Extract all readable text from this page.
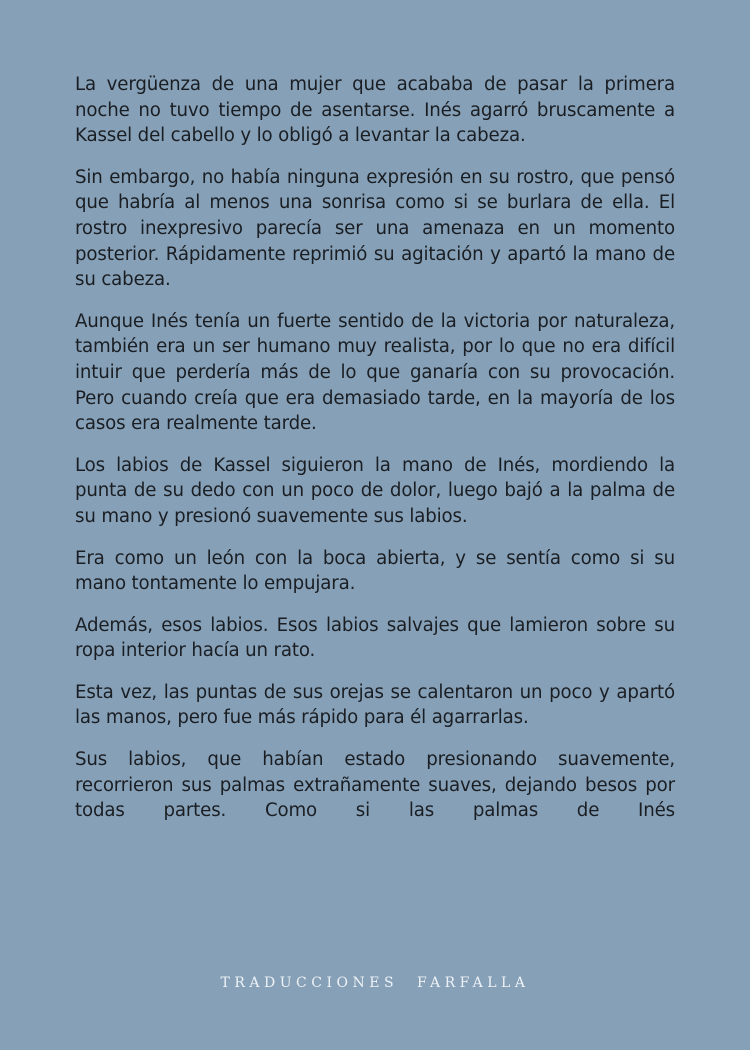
La vergüenza de una mujer que acababa de pasar la primera noche no tuvo tiempo de asentarse. Inés agarró bruscamente a Kassel del cabello y lo obligó a levantar la cabeza.

Sin embargo, no había ninguna expresión en su rostro, que pensó que habría al menos una sonrisa como si se burlara de ella. El rostro inexpresivo parecía ser una amenaza en un momento posterior. Rápidamente reprimió su agitación y apartó la mano de su cabeza.

Aunque Inés tenía un fuerte sentido de la victoria por naturaleza, también era un ser humano muy realista, por lo que no era difícil intuir que perdería más de lo que ganaría con su provocación. Pero cuando creía que era demasiado tarde, en la mayoría de los casos era realmente tarde.

Los labios de Kassel siguieron la mano de Inés, mordiendo la punta de su dedo con un poco de dolor, luego bajó a la palma de su mano y presionó suavemente sus labios.

Era como un león con la boca abierta, y se sentía como si su mano tontamente lo empujara.

Además, esos labios. Esos labios salvajes que lamieron sobre su ropa interior hacía un rato.

Esta vez, las puntas de sus orejas se calentaron un poco y apartó las manos, pero fue más rápido para él agarrarlas.

Sus labios, que habían estado presionando suavemente, recorrieron sus palmas extrañamente suaves, dejando besos por todas partes. Como si las palmas de Inés

TRADUCCIONES FARFALLA
